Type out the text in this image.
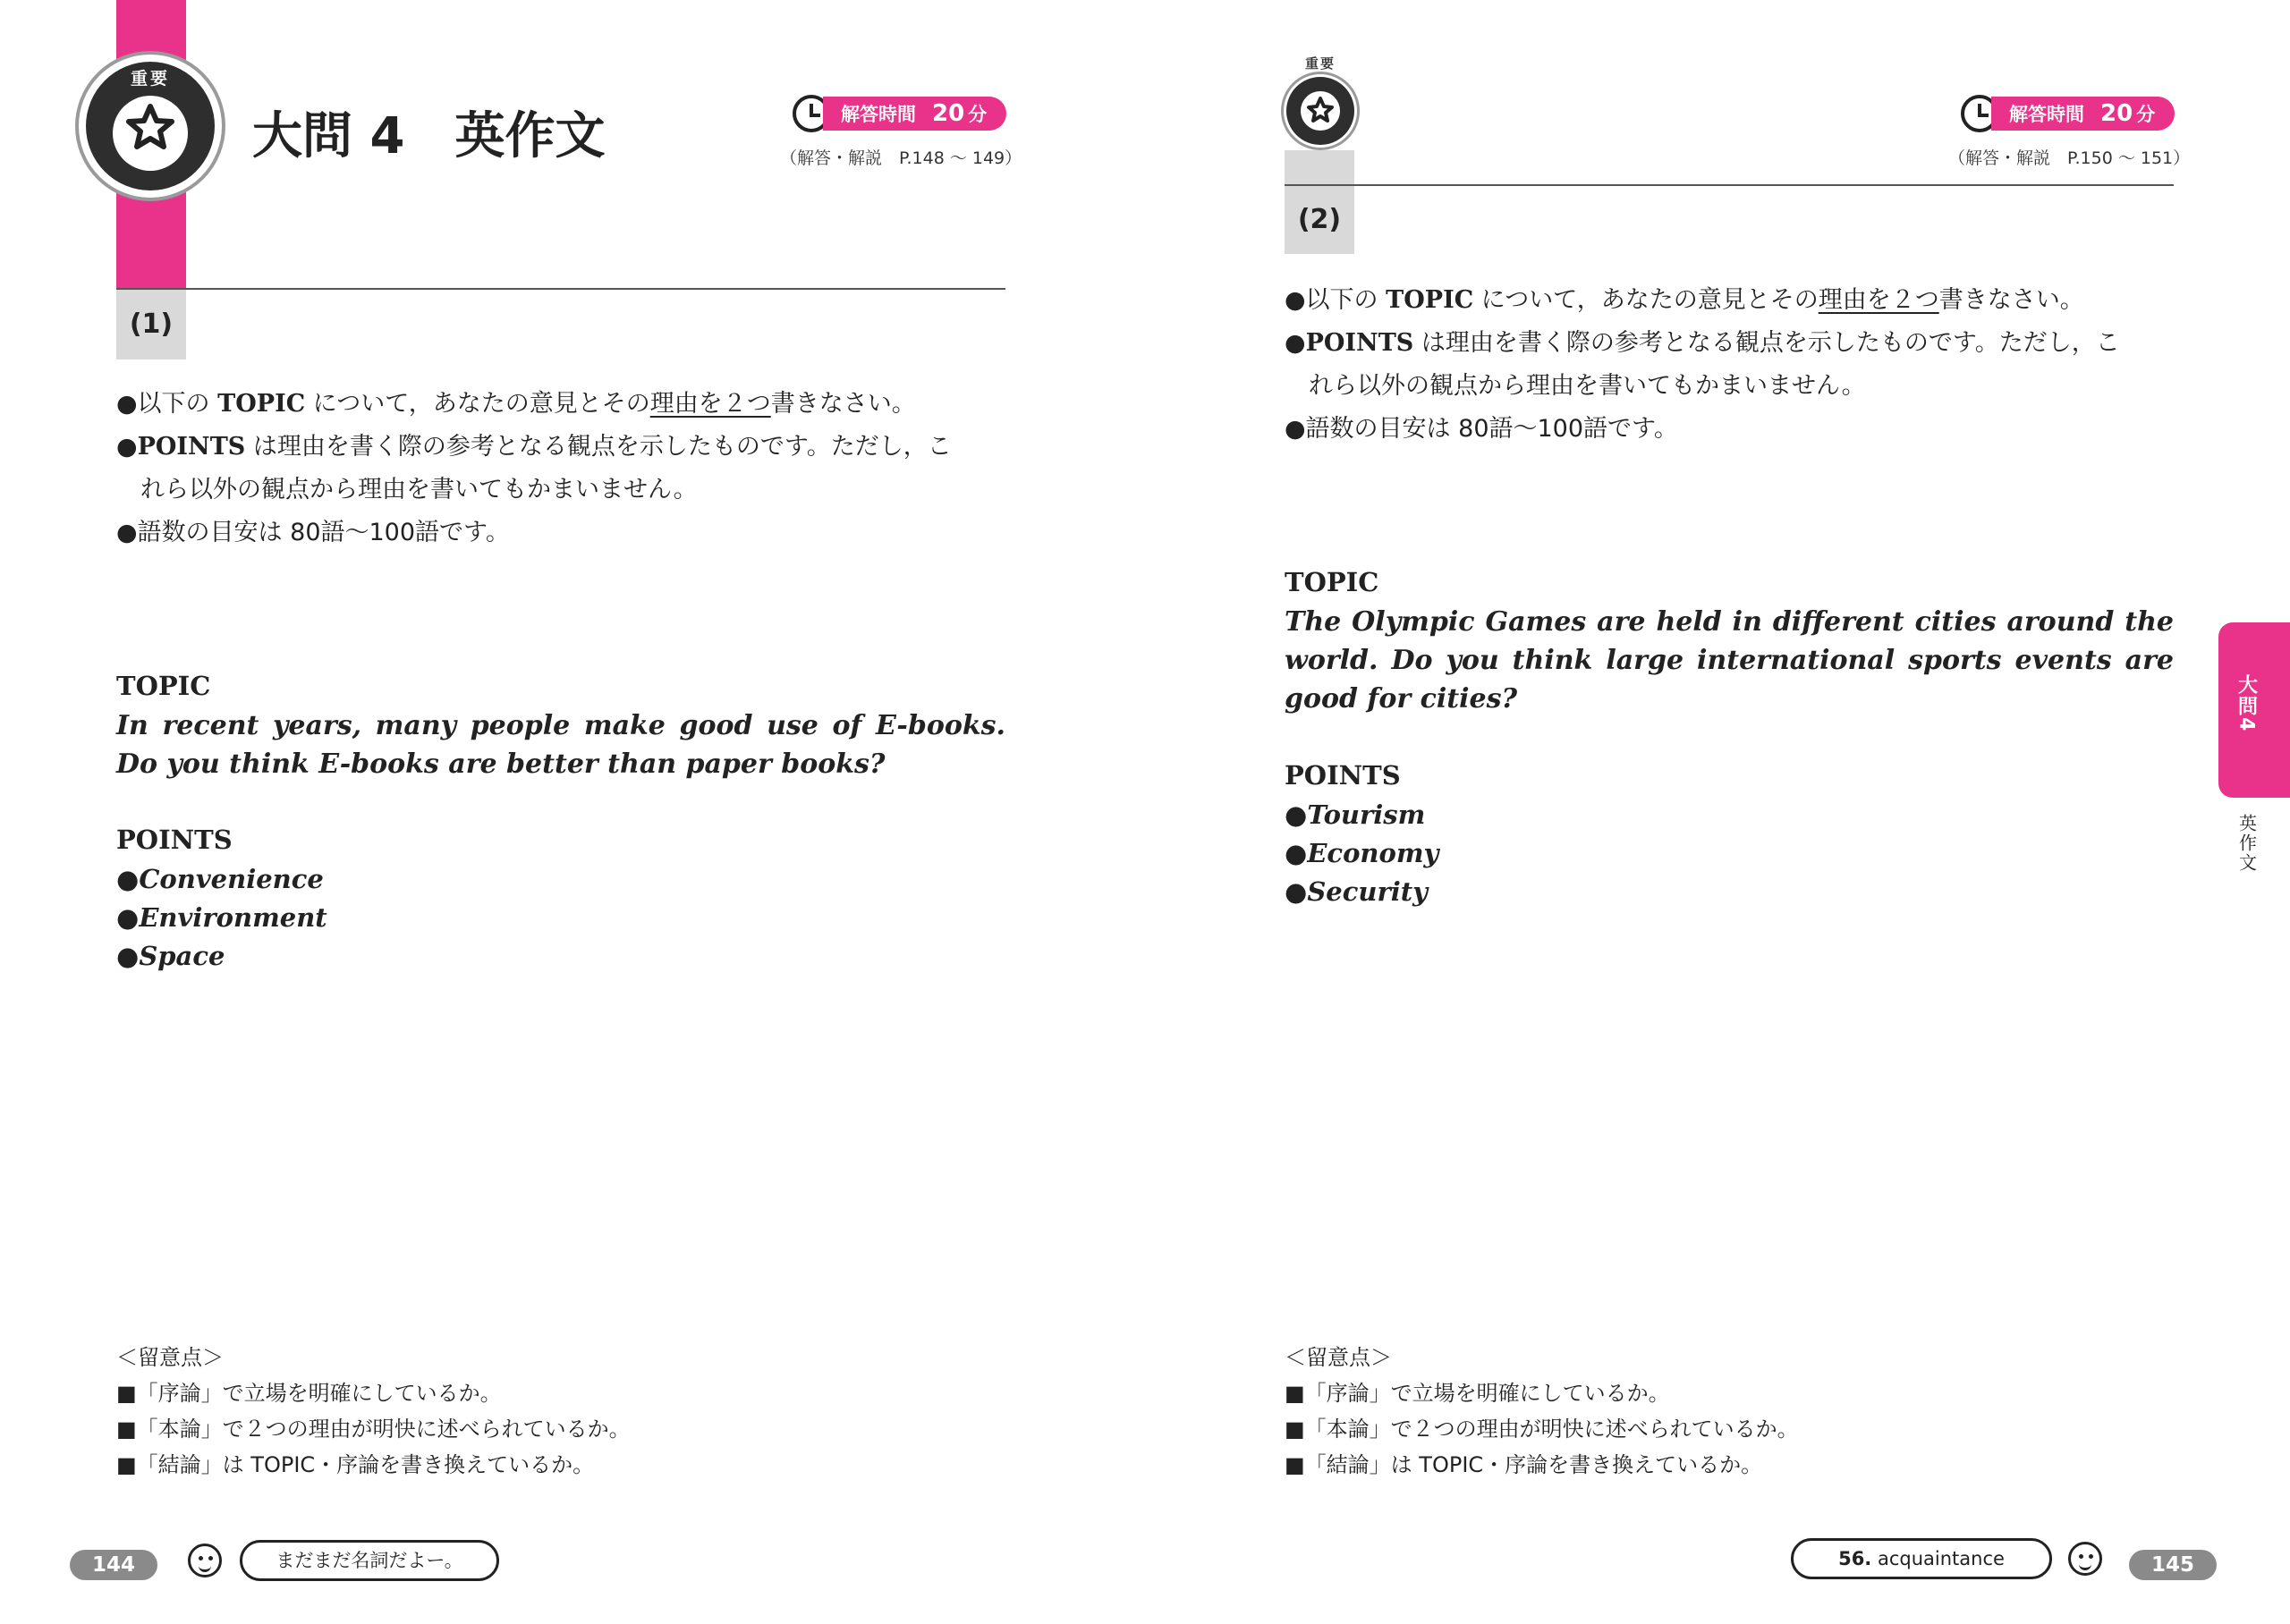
重要
大問 4　英作文	解答時間 20 分
（解答・解説　P.148 ～ 149）
(1)
●以下の TOPIC について，あなたの意見とその理由を２つ書きなさい。
●POINTS は理由を書く際の参考となる観点を示したものです。ただし，こ
　れら以外の観点から理由を書いてもかまいません。
●語数の目安は 80語～100語です。
TOPIC
In recent years, many people make good use of E-books. Do you think E-books are better than paper books?
POINTS
●Convenience
●Environment
●Space
＜留意点＞
■「序論」で立場を明確にしているか。
■「本論」で２つの理由が明快に述べられているか。
■「結論」は TOPIC・序論を書き換えているか。
144	まだまだ名詞だよー。
重要
解答時間 20 分
（解答・解説　P.150 ～ 151）
(2)
●以下の TOPIC について，あなたの意見とその理由を２つ書きなさい。
●POINTS は理由を書く際の参考となる観点を示したものです。ただし，こ
　れら以外の観点から理由を書いてもかまいません。
●語数の目安は 80語～100語です。
TOPIC
The Olympic Games are held in different cities around the world. Do you think large international sports events are good for cities?
POINTS
●Tourism
●Economy
●Security
＜留意点＞
■「序論」で立場を明確にしているか。
■「本論」で２つの理由が明快に述べられているか。
■「結論」は TOPIC・序論を書き換えているか。
56. acquaintance	145
大問4
英作文
